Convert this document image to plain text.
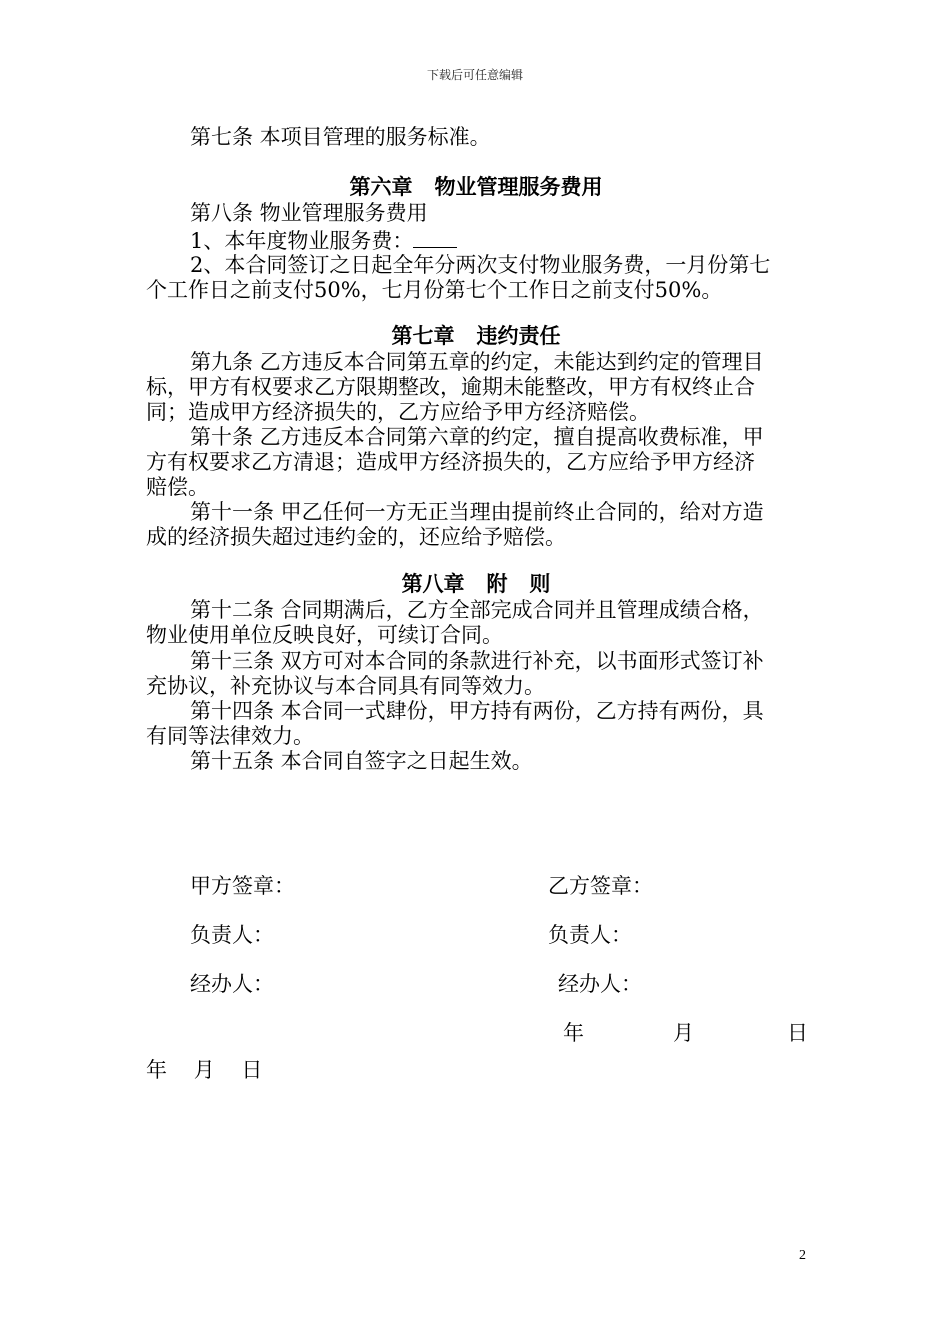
下载后可任意编辑
第七条 本项目管理的服务标准。
第六章   物业管理服务费用
第八条 物业管理服务费用
1、本年度物业服务费：
2、本合同签订之日起全年分两次支付物业服务费，一月份第七
个工作日之前支付50%，七月份第七个工作日之前支付50%。
第七章   违约责任
第九条 乙方违反本合同第五章的约定，未能达到约定的管理目
标，甲方有权要求乙方限期整改，逾期未能整改，甲方有权终止合
同；造成甲方经济损失的，乙方应给予甲方经济赔偿。
第十条 乙方违反本合同第六章的约定，擅自提高收费标准，甲
方有权要求乙方清退；造成甲方经济损失的，乙方应给予甲方经济
赔偿。
第十一条 甲乙任何一方无正当理由提前终止合同的，给对方造
成的经济损失超过违约金的，还应给予赔偿。
第八章   附   则
第十二条 合同期满后，乙方全部完成合同并且管理成绩合格，
物业使用单位反映良好，可续订合同。
第十三条 双方可对本合同的条款进行补充，以书面形式签订补
充协议，补充协议与本合同具有同等效力。
第十四条 本合同一式肆份，甲方持有两份，乙方持有两份，具
有同等法律效力。
第十五条 本合同自签字之日起生效。
甲方签章：	乙方签章：
负责人：	负责人：
经办人：	经办人：
年	月	日
年    月    日
2
